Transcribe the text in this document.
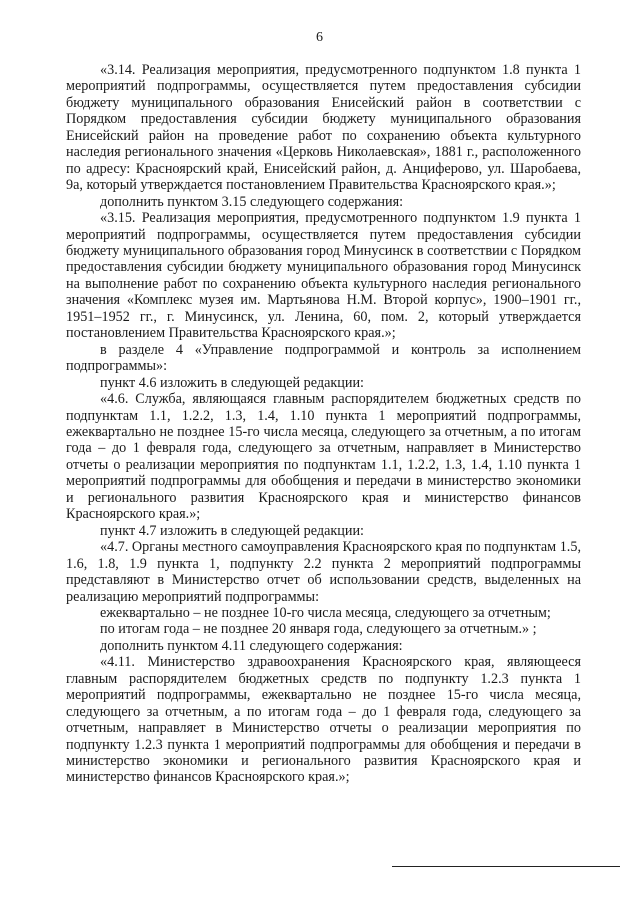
6

«3.14. Реализация мероприятия, предусмотренного подпунктом 1.8 пункта 1 мероприятий подпрограммы, осуществляется путем предоставления субсидии бюджету муниципального образования Енисейский район в соответствии с Порядком предоставления субсидии бюджету муниципального образования Енисейский район на проведение работ по сохранению объекта культурного наследия регионального значения «Церковь Николаевская», 1881 г., расположенного по адресу: Красноярский край, Енисейский район, д. Анциферово, ул. Шаробаева, 9а, который утверждается постановлением Правительства Красноярского края.»;

дополнить пунктом 3.15 следующего содержания:

«3.15. Реализация мероприятия, предусмотренного подпунктом 1.9 пункта 1 мероприятий подпрограммы, осуществляется путем предоставления субсидии бюджету муниципального образования город Минусинск в соответствии с Порядком предоставления субсидии бюджету муниципального образования город Минусинск на выполнение работ по сохранению объекта культурного наследия регионального значения «Комплекс музея им. Мартьянова Н.М. Второй корпус», 1900–1901 гг., 1951–1952 гг., г. Минусинск, ул. Ленина, 60, пом. 2, который утверждается постановлением Правительства Красноярского края.»;

в разделе 4 «Управление подпрограммой и контроль за исполнением подпрограммы»:

пункт 4.6 изложить в следующей редакции:

«4.6. Служба, являющаяся главным распорядителем бюджетных средств по подпунктам 1.1, 1.2.2, 1.3, 1.4, 1.10 пункта 1 мероприятий подпрограммы, ежеквартально не позднее 15-го числа месяца, следующего за отчетным, а по итогам года – до 1 февраля года, следующего за отчетным, направляет в Министерство отчеты о реализации мероприятия по подпунктам 1.1, 1.2.2, 1.3, 1.4, 1.10 пункта 1 мероприятий подпрограммы для обобщения и передачи в министерство экономики и регионального развития Красноярского края и министерство финансов Красноярского края.»;

пункт 4.7 изложить в следующей редакции:

«4.7. Органы местного самоуправления Красноярского края по подпунктам 1.5, 1.6, 1.8, 1.9 пункта 1, подпункту 2.2 пункта 2 мероприятий подпрограммы представляют в Министерство отчет об использовании средств, выделенных на реализацию мероприятий подпрограммы:

ежеквартально – не позднее 10-го числа месяца, следующего за отчетным;

по итогам года – не позднее 20 января года, следующего за отчетным.» ;

дополнить пунктом 4.11 следующего содержания:

«4.11. Министерство здравоохранения Красноярского края, являющееся главным распорядителем бюджетных средств по подпункту 1.2.3 пункта 1 мероприятий подпрограммы, ежеквартально не позднее 15-го числа месяца, следующего за отчетным, а по итогам года – до 1 февраля года, следующего за отчетным, направляет в Министерство отчеты о реализации мероприятия по подпункту 1.2.3 пункта 1 мероприятий подпрограммы для обобщения и передачи в министерство экономики и регионального развития Красноярского края и министерство финансов Красноярского края.»;
